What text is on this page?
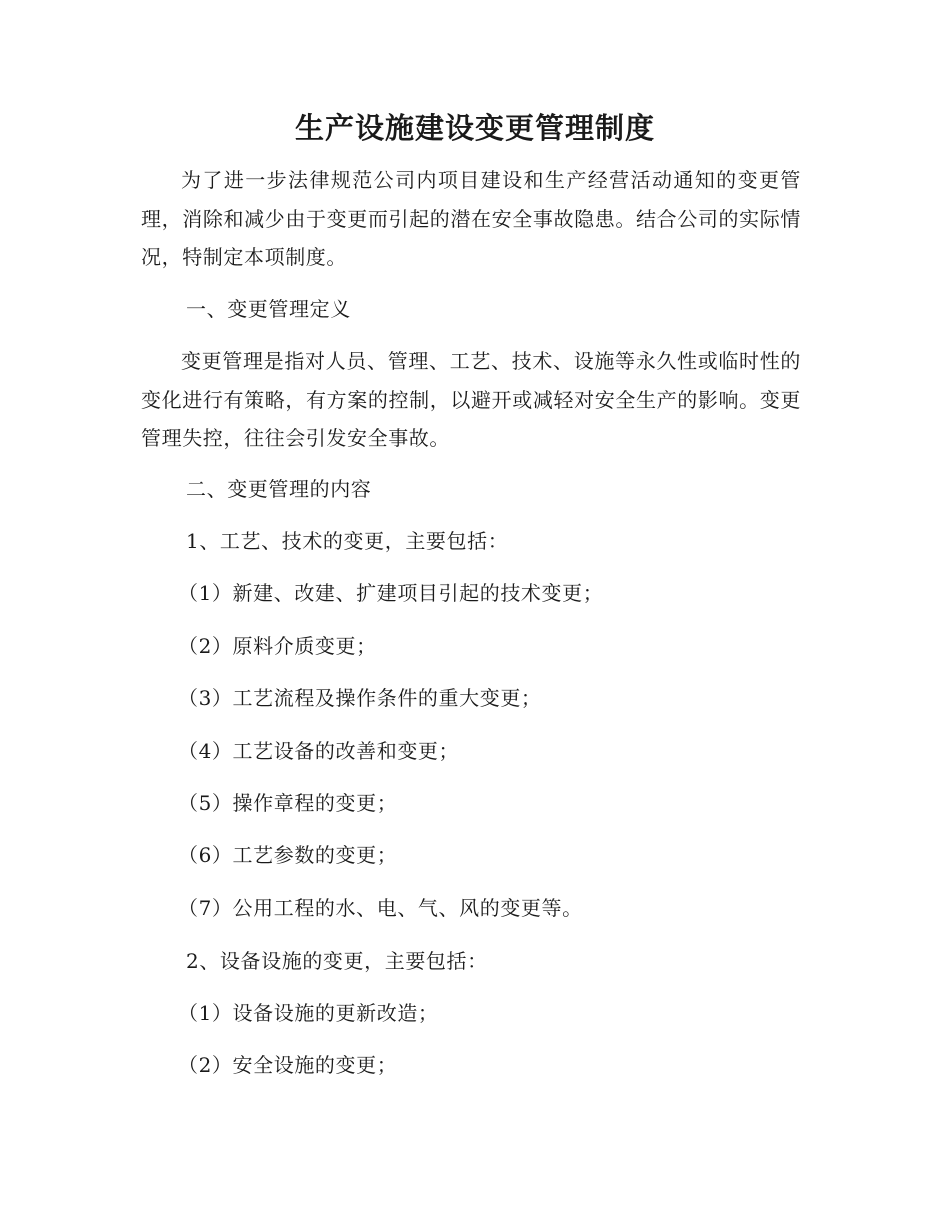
生产设施建设变更管理制度

为了进一步法律规范公司内项目建设和生产经营活动通知的变更管理，消除和减少由于变更而引起的潜在安全事故隐患。结合公司的实际情况，特制定本项制度。

一、变更管理定义

变更管理是指对人员、管理、工艺、技术、设施等永久性或临时性的变化进行有策略，有方案的控制，以避开或减轻对安全生产的影响。变更管理失控，往往会引发安全事故。

二、变更管理的内容

1、工艺、技术的变更，主要包括：

（1）新建、改建、扩建项目引起的技术变更；

（2）原料介质变更；

（3）工艺流程及操作条件的重大变更；

（4）工艺设备的改善和变更；

（5）操作章程的变更；

（6）工艺参数的变更；

（7）公用工程的水、电、气、风的变更等。

2、设备设施的变更，主要包括：

（1）设备设施的更新改造；

（2）安全设施的变更；
